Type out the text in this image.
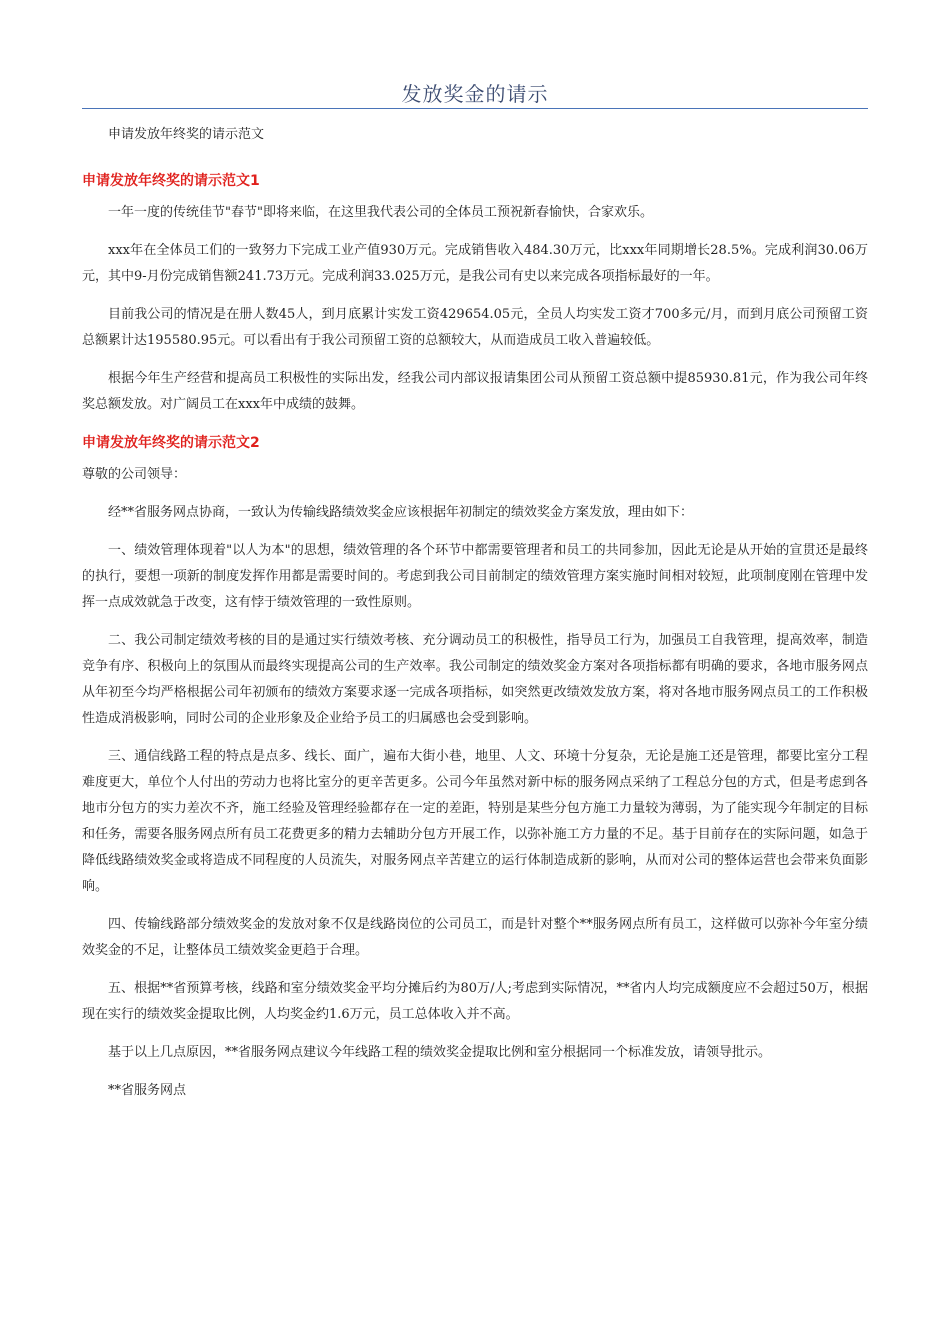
发放奖金的请示

申请发放年终奖的请示范文

申请发放年终奖的请示范文1

一年一度的传统佳节"春节"即将来临，在这里我代表公司的全体员工预祝新春愉快，合家欢乐。

xxx年在全体员工们的一致努力下完成工业产值930万元。完成销售收入484.30万元，比xxx年同期增长28.5%。完成利润30.06万元，其中9-月份完成销售额241.73万元。完成利润33.025万元，是我公司有史以来完成各项指标最好的一年。

目前我公司的情况是在册人数45人，到月底累计实发工资429654.05元，全员人均实发工资才700多元/月，而到月底公司预留工资总额累计达195580.95元。可以看出有于我公司预留工资的总额较大，从而造成员工收入普遍较低。

根据今年生产经营和提高员工积极性的实际出发，经我公司内部议报请集团公司从预留工资总额中提85930.81元，作为我公司年终奖总额发放。对广阔员工在xxx年中成绩的鼓舞。

申请发放年终奖的请示范文2

尊敬的公司领导：

经**省服务网点协商，一致认为传输线路绩效奖金应该根据年初制定的绩效奖金方案发放，理由如下：

一、绩效管理体现着"以人为本"的思想，绩效管理的各个环节中都需要管理者和员工的共同参加，因此无论是从开始的宣贯还是最终的执行，要想一项新的制度发挥作用都是需要时间的。考虑到我公司目前制定的绩效管理方案实施时间相对较短，此项制度刚在管理中发挥一点成效就急于改变，这有悖于绩效管理的一致性原则。

二、我公司制定绩效考核的目的是通过实行绩效考核、充分调动员工的积极性，指导员工行为，加强员工自我管理，提高效率，制造竞争有序、积极向上的氛围从而最终实现提高公司的生产效率。我公司制定的绩效奖金方案对各项指标都有明确的要求，各地市服务网点从年初至今均严格根据公司年初颁布的绩效方案要求逐一完成各项指标，如突然更改绩效发放方案，将对各地市服务网点员工的工作积极性造成消极影响，同时公司的企业形象及企业给予员工的归属感也会受到影响。

三、通信线路工程的特点是点多、线长、面广，遍布大街小巷，地里、人文、环境十分复杂，无论是施工还是管理，都要比室分工程难度更大，单位个人付出的劳动力也将比室分的更辛苦更多。公司今年虽然对新中标的服务网点采纳了工程总分包的方式，但是考虑到各地市分包方的实力差次不齐，施工经验及管理经验都存在一定的差距，特别是某些分包方施工力量较为薄弱，为了能实现今年制定的目标和任务，需要各服务网点所有员工花费更多的精力去辅助分包方开展工作，以弥补施工方力量的不足。基于目前存在的实际问题，如急于降低线路绩效奖金或将造成不同程度的人员流失，对服务网点辛苦建立的运行体制造成新的影响，从而对公司的整体运营也会带来负面影响。

四、传输线路部分绩效奖金的发放对象不仅是线路岗位的公司员工，而是针对整个**服务网点所有员工，这样做可以弥补今年室分绩效奖金的不足，让整体员工绩效奖金更趋于合理。

五、根据**省预算考核，线路和室分绩效奖金平均分摊后约为80万/人;考虑到实际情况，**省内人均完成额度应不会超过50万，根据现在实行的绩效奖金提取比例，人均奖金约1.6万元，员工总体收入并不高。

基于以上几点原因，**省服务网点建议今年线路工程的绩效奖金提取比例和室分根据同一个标准发放，请领导批示。

**省服务网点
